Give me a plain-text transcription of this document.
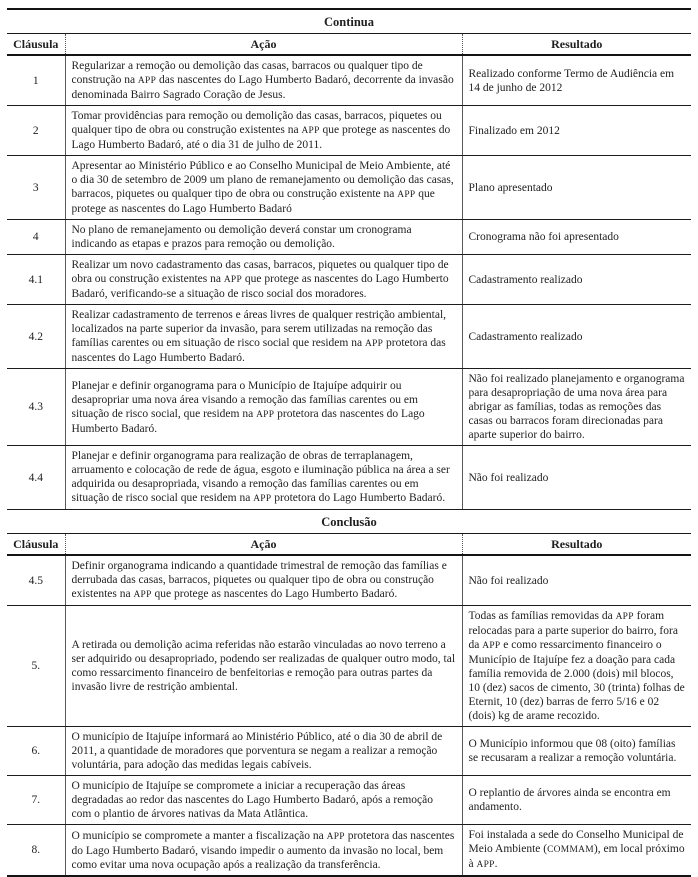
Continua		
Cláusula	Ação	Resultado
1	Regularizar a remoção ou demolição das casas, barracos ou qualquer tipo de construção na APP das nascentes do Lago Humberto Badaró, decorrente da invasão denominada Bairro Sagrado Coração de Jesus.	Realizado conforme Termo de Audiência em 14 de junho de 2012
2	Tomar providências para remoção ou demolição das casas, barracos, piquetes ou qualquer tipo de obra ou construção existentes na APP que protege as nascentes do Lago Humberto Badaró, até o dia 31 de julho de 2011.	Finalizado em 2012
3	Apresentar ao Ministério Público e ao Conselho Municipal de Meio Ambiente, até o dia 30 de setembro de 2009 um plano de remanejamento ou demolição das casas, barracos, piquetes ou qualquer tipo de obra ou construção existente na APP que protege as nascentes do Lago Humberto Badaró	Plano apresentado
4	No plano de remanejamento ou demolição deverá constar um cronograma indicando as etapas e prazos para remoção ou demolição.	Cronograma não foi apresentado
4.1	Realizar um novo cadastramento das casas, barracos, piquetes ou qualquer tipo de obra ou construção existentes na APP que protege as nascentes do Lago Humberto Badaró, verificando-se a situação de risco social dos moradores.	Cadastramento realizado
4.2	Realizar cadastramento de terrenos e áreas livres de qualquer restrição ambiental, localizados na parte superior da invasão, para serem utilizadas na remoção das famílias carentes ou em situação de risco social que residem na APP protetora das nascentes do Lago Humberto Badaró.	Cadastramento realizado
4.3	Planejar e definir organograma para o Município de Itajuípe adquirir ou desapropriar uma nova área visando a remoção das famílias carentes ou em situação de risco social, que residem na APP protetora das nascentes do Lago Humberto Badaró.	Não foi realizado planejamento e organograma para desapropriação de uma nova área para abrigar as famílias, todas as remoções das casas ou barracos foram direcionadas para aparte superior do bairro.
4.4	Planejar e definir organograma para realização de obras de terraplanagem, arruamento e colocação de rede de água, esgoto e iluminação pública na área a ser adquirida ou desapropriada, visando a remoção das famílias carentes ou em situação de risco social que residem na APP protetora do Lago Humberto Badaró.	Não foi realizado
Conclusão		
Cláusula	Ação	Resultado
4.5	Definir organograma indicando a quantidade trimestral de remoção das famílias e derrubada das casas, barracos, piquetes ou qualquer tipo de obra ou construção existentes na APP que protege as nascentes do Lago Humberto Badaró.	Não foi realizado
5.	A retirada ou demolição acima referidas não estarão vinculadas ao novo terreno a ser adquirido ou desapropriado, podendo ser realizadas de qualquer outro modo, tal como ressarcimento financeiro de benfeitorias e remoção para outras partes da invasão livre de restrição ambiental.	Todas as famílias removidas da APP foram relocadas para a parte superior do bairro, fora da APP e como ressarcimento financeiro o Município de Itajuípe fez a doação para cada família removida de 2.000 (dois) mil blocos, 10 (dez) sacos de cimento, 30 (trinta) folhas de Eternit, 10 (dez) barras de ferro 5/16 e 02 (dois) kg de arame recozido.
6.	O município de Itajuípe informará ao Ministério Público, até o dia 30 de abril de 2011, a quantidade de moradores que porventura se negam a realizar a remoção voluntária, para adoção das medidas legais cabíveis.	O Município informou que 08 (oito) famílias se recusaram a realizar a remoção voluntária.
7.	O município de Itajuípe se compromete a iniciar a recuperação das áreas degradadas ao redor das nascentes do Lago Humberto Badaró, após a remoção com o plantio de árvores nativas da Mata Atlântica.	O replantio de árvores ainda se encontra em andamento.
8.	O município se compromete a manter a fiscalização na APP protetora das nascentes do Lago Humberto Badaró, visando impedir o aumento da invasão no local, bem como evitar uma nova ocupação após a realização da transferência.	Foi instalada a sede do Conselho Municipal de Meio Ambiente (COMMAM), em local próximo à APP.
